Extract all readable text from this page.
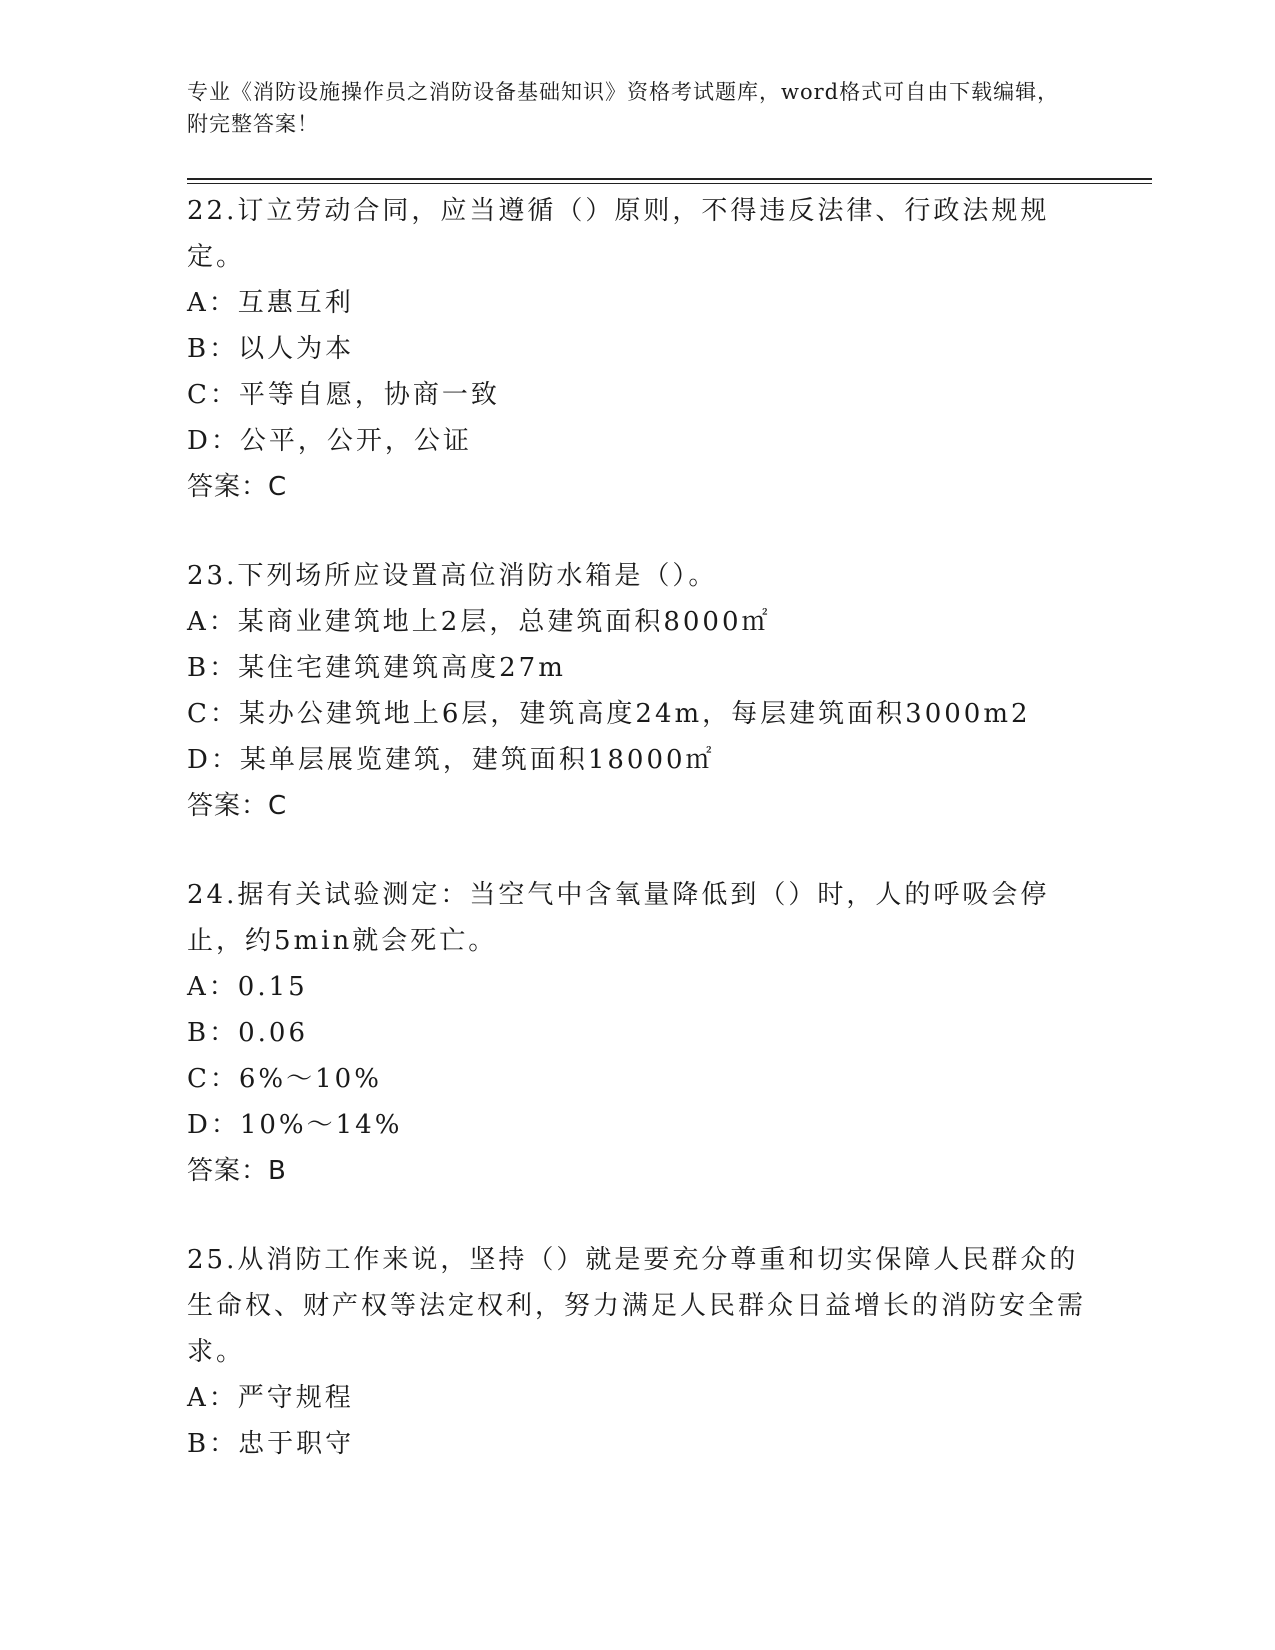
专业《消防设施操作员之消防设备基础知识》资格考试题库，word格式可自由下载编辑，附完整答案！

22.订立劳动合同，应当遵循（）原则，不得违反法律、行政法规规定。

A：互惠互利

B：以人为本

C：平等自愿，协商一致

D：公平，公开，公证

答案：C

23.下列场所应设置高位消防水箱是（）。

A：某商业建筑地上2层，总建筑面积8000㎡

B：某住宅建筑建筑高度27m

C：某办公建筑地上6层，建筑高度24m，每层建筑面积3000m2

D：某单层展览建筑，建筑面积18000㎡

答案：C

24.据有关试验测定：当空气中含氧量降低到（）时，人的呼吸会停止，约5min就会死亡。

A：0.15

B：0.06

C：6%～10%

D：10%～14%

答案：B

25.从消防工作来说，坚持（）就是要充分尊重和切实保障人民群众的生命权、财产权等法定权利，努力满足人民群众日益增长的消防安全需求。

A：严守规程

B：忠于职守
